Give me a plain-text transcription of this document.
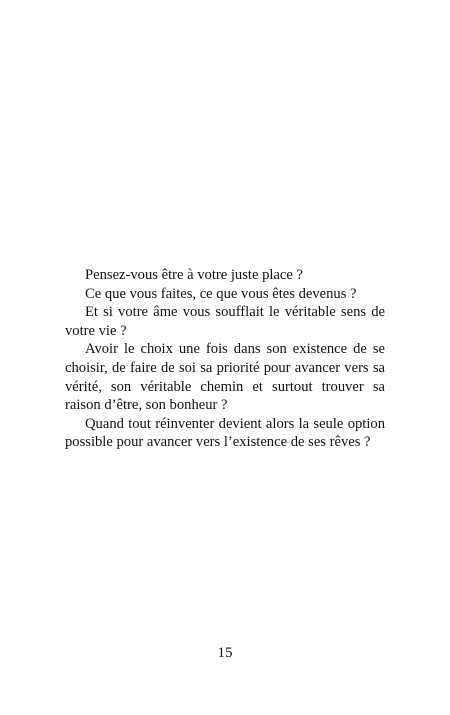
Pensez-vous être à votre juste place ?

Ce que vous faites, ce que vous êtes devenus ?

Et si votre âme vous soufflait le véritable sens de votre vie ?

Avoir le choix une fois dans son existence de se choisir, de faire de soi sa priorité pour avancer vers sa vérité, son véritable chemin et surtout trouver sa raison d’être, son bonheur ?

Quand tout réinventer devient alors la seule option possible pour avancer vers l’existence de ses rêves ?

15
